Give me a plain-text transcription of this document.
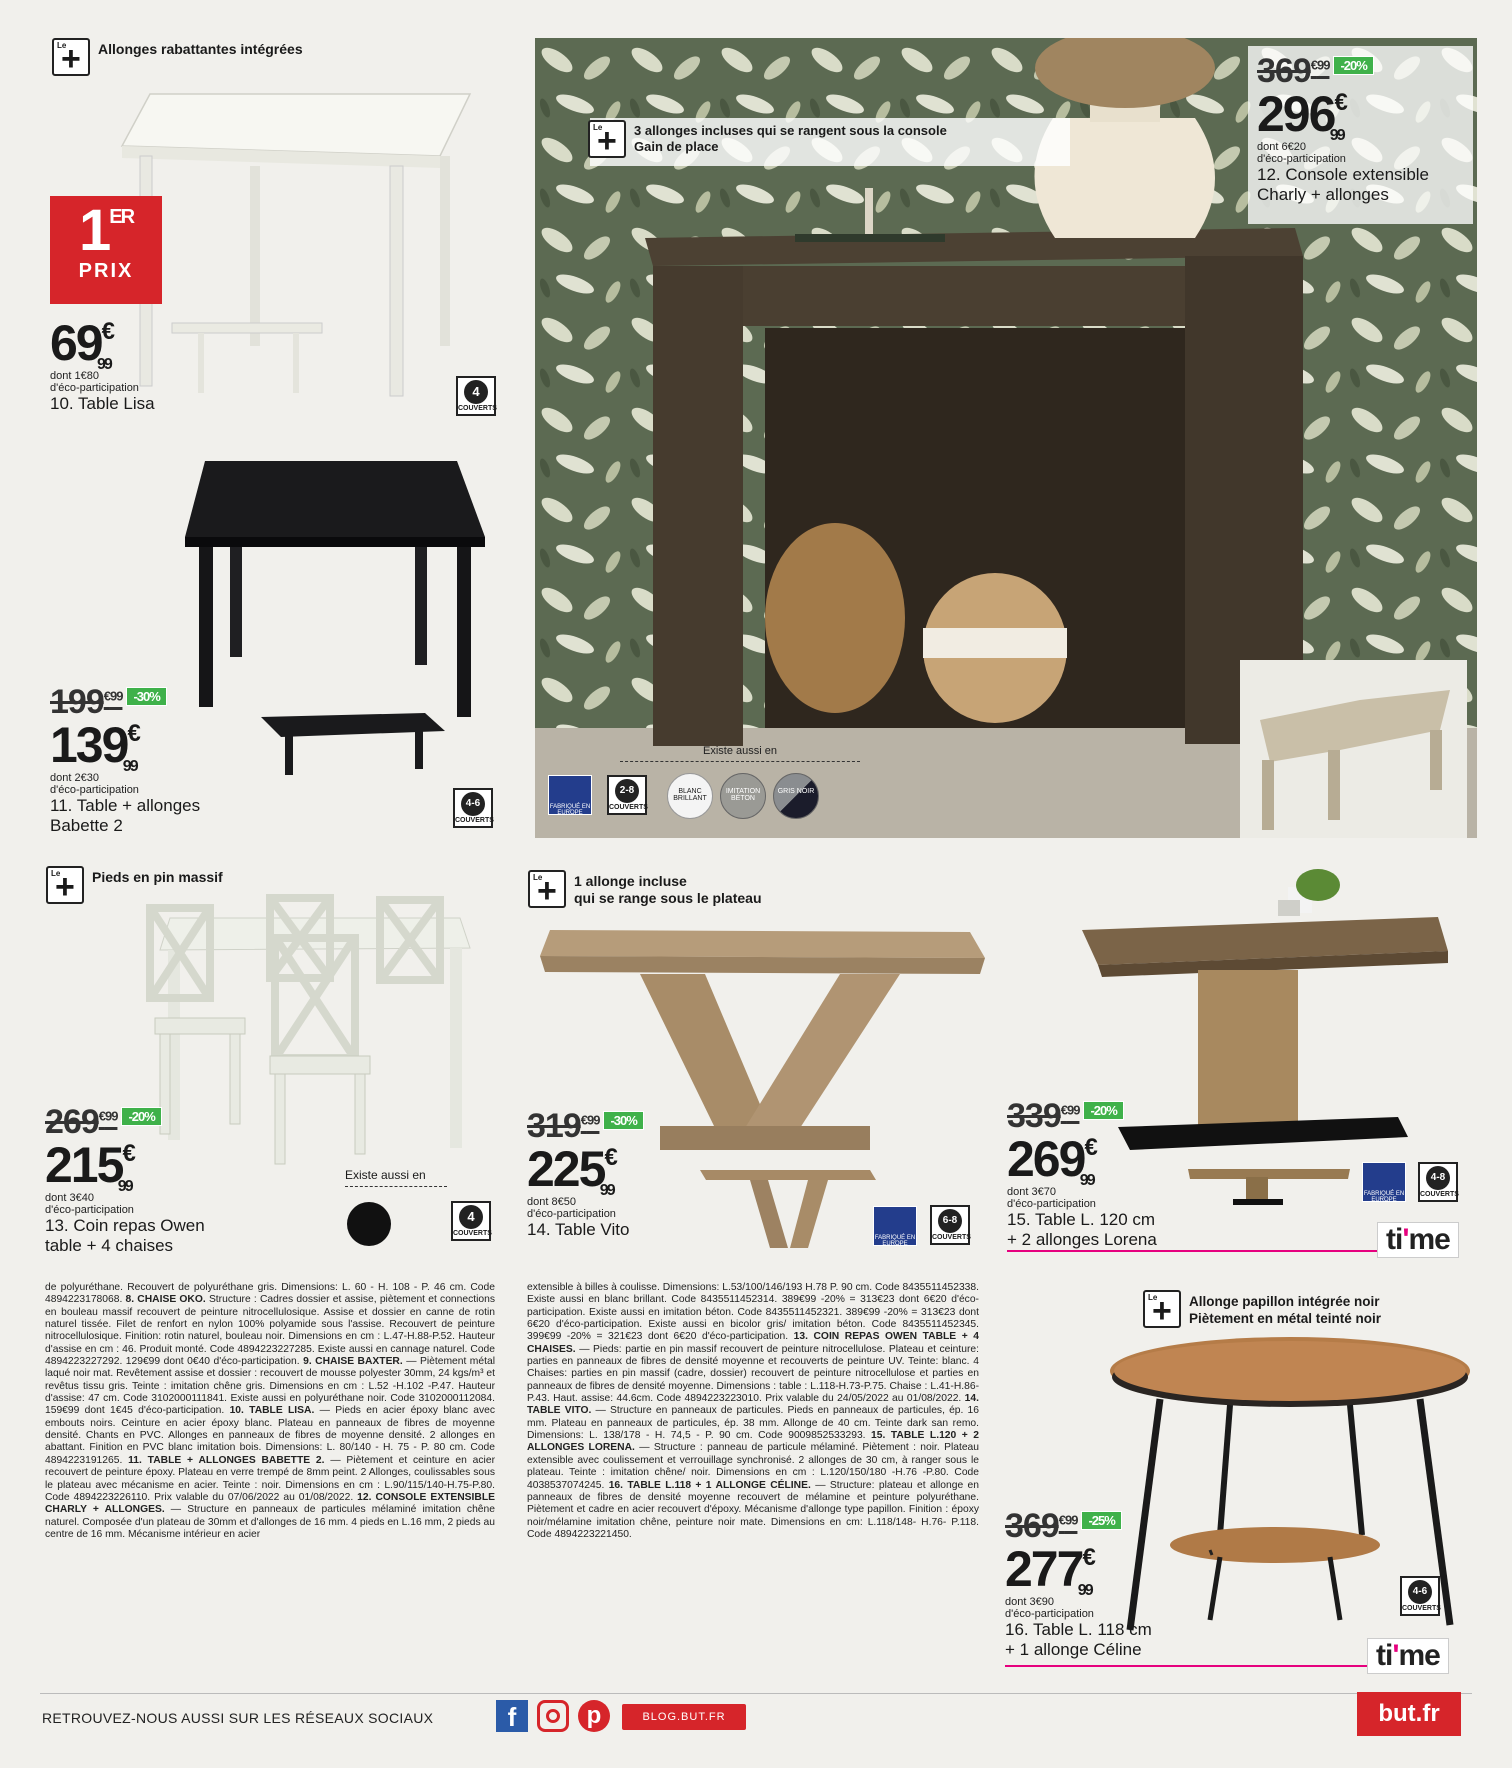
Le +
Allonges rabattantes intégrées
1ER
PRIX
$69^{€99}$
dont 1€80
d'éco-participation
10. Table Lisa
4
COUVERTS
$199^{€99}$ -30%
$139^{€99}$
dont 2€30
d'éco-participation
11. Table + allonges
Babette 2
4-6
COUVERTS
Le +
3 allonges incluses qui se rangent sous la console
Gain de place
$369^{€99}$ -20%
$296^{€99}$
dont 6€20
d'éco-participation
12. Console extensible
Charly + allonges
Existe aussi en
FABRIQUÉ EN EUROPE
2-8
COUVERTS
BLANC BRILLANT
IMITATION BÉTON
GRIS NOIR
Le +
Pieds en pin massif
$269^{€99}$ -20%
$215^{€99}$
dont 3€40
d'éco-participation
13. Coin repas Owen
table + 4 chaises
Existe aussi en
4
COUVERTS
Le +
1 allonge incluse
qui se range sous le plateau
$319^{€99}$ -30%
$225^{€99}$
dont 8€50
d'éco-participation
14. Table Vito	FABRIQUÉ EN EUROPE
6-8
COUVERTS
$339^{€99}$ -20%
$269^{€99}$
dont 3€70
d'éco-participation
15. Table L. 120 cm
+ 2 allonges Lorena
FABRIQUÉ EN EUROPE
4-8
COUVERTS
ti'me
de polyuréthane. Recouvert de polyuréthane gris. Dimensions: L. 60 - H. 108 - P. 46 cm. Code 4894223178068. 8. CHAISE OKO. Structure : Cadres dossier et assise, piètement et connections en bouleau massif recouvert de peinture nitrocellulosique. Assise et dossier en canne de rotin naturel tissée. Filet de renfort en nylon 100% polyamide sous l'assise. Recouvert de peinture nitrocellulosique. Finition: rotin naturel, bouleau noir. Dimensions en cm : L.47-H.88-P.52. Hauteur d'assise en cm : 46. Produit monté. Code 4894223227285. Existe aussi en cannage naturel. Code 4894223227292. 129€99 dont 0€40 d'éco-participation. 9. CHAISE BAXTER. — Piètement métal laqué noir mat. Revêtement assise et dossier : recouvert de mousse polyester 30mm, 24 kgs/m³ et revêtus tissu gris. Teinte : imitation chêne gris. Dimensions en cm : L.52 -H.102 -P.47. Hauteur d'assise: 47 cm. Code 3102000111841. Existe aussi en polyuréthane noir. Code 3102000112084. 159€99 dont 1€45 d'éco-participation. 10. TABLE LISA. — Pieds en acier époxy blanc avec embouts noirs. Ceinture en acier époxy blanc. Plateau en panneaux de fibres de moyenne densité. Chants en PVC. Allonges en panneaux de fibres de moyenne densité. 2 allonges en abattant. Finition en PVC blanc imitation bois. Dimensions: L. 80/140 - H. 75 - P. 80 cm. Code 4894223191265. 11. TABLE + ALLONGES BABETTE 2. — Piètement et ceinture en acier recouvert de peinture époxy. Plateau en verre trempé de 8mm peint. 2 Allonges, coulissables sous le plateau avec mécanisme en acier. Teinte : noir. Dimensions en cm : L.90/115/140-H.75-P.80. Code 4894223226110. Prix valable du 07/06/2022 au 01/08/2022. 12. CONSOLE EXTENSIBLE CHARLY + ALLONGES. — Structure en panneaux de particules mélaminé imitation chêne naturel. Composée d'un plateau de 30mm et d'allonges de 16 mm. 4 pieds en L.16 mm, 2 pieds au centre de 16 mm. Mécanisme intérieur en acier
extensible à billes à coulisse. Dimensions: L.53/100/146/193 H.78 P. 90 cm. Code 8435511452338. Existe aussi en blanc brillant. Code 8435511452314. 389€99 -20% = 313€23 dont 6€20 d'éco-participation. Existe aussi en imitation béton. Code 8435511452321. 389€99 -20% = 313€23 dont 6€20 d'éco-participation. Existe aussi en bicolor gris/ imitation béton. Code 8435511452345. 399€99 -20% = 321€23 dont 6€20 d'éco-participation. 13. COIN REPAS OWEN TABLE + 4 CHAISES. — Pieds: partie en pin massif recouvert de peinture nitrocellulose. Plateau et ceinture: parties en panneaux de fibres de densité moyenne et recouverts de peinture UV. Teinte: blanc. 4 Chaises: parties en pin massif (cadre, dossier) recouvert de peinture nitrocellulose et parties en panneaux de fibres de densité moyenne. Dimensions : table : L.118-H.73-P.75. Chaise : L.41-H.86-P.43. Haut. assise: 44.6cm. Code 4894223223010. Prix valable du 24/05/2022 au 01/08/2022. 14. TABLE VITO. — Structure en panneaux de particules. Pieds en panneaux de particules, ép. 16 mm. Plateau en panneaux de particules, ép. 38 mm. Allonge de 40 cm. Teinte dark san remo. Dimensions: L. 138/178 - H. 74,5 - P. 90 cm. Code 9009852533293. 15. TABLE L.120 + 2 ALLONGES LORENA. — Structure : panneau de particule mélaminé. Piètement : noir. Plateau extensible avec coulissement et verrouillage synchronisé. 2 allonges de 30 cm, à ranger sous le plateau. Teinte : imitation chêne/ noir. Dimensions en cm : L.120/150/180 -H.76 -P.80. Code 4038537074245. 16. TABLE L.118 + 1 ALLONGE CÉLINE. — Structure: plateau et allonge en panneaux de fibres de densité moyenne recouvert de mélamine et peinture polyuréthane. Piètement et cadre en acier recouvert d'époxy. Mécanisme d'allonge type papillon. Finition : époxy noir/mélamine imitation chêne, peinture noir mate. Dimensions en cm: L.118/148- H.76- P.118. Code 4894223221450.
Le +
Allonge papillon intégrée noir
Piètement en métal teinté noir
$369^{€99}$ -25%
$277^{€99}$
dont 3€90
d'éco-participation
16. Table L. 118 cm
+ 1 allonge Céline
4-6
COUVERTS
ti'me
RETROUVEZ-NOUS AUSSI SUR LES RÉSEAUX SOCIAUX	f	p	BLOG.BUT.FR	but.fr
